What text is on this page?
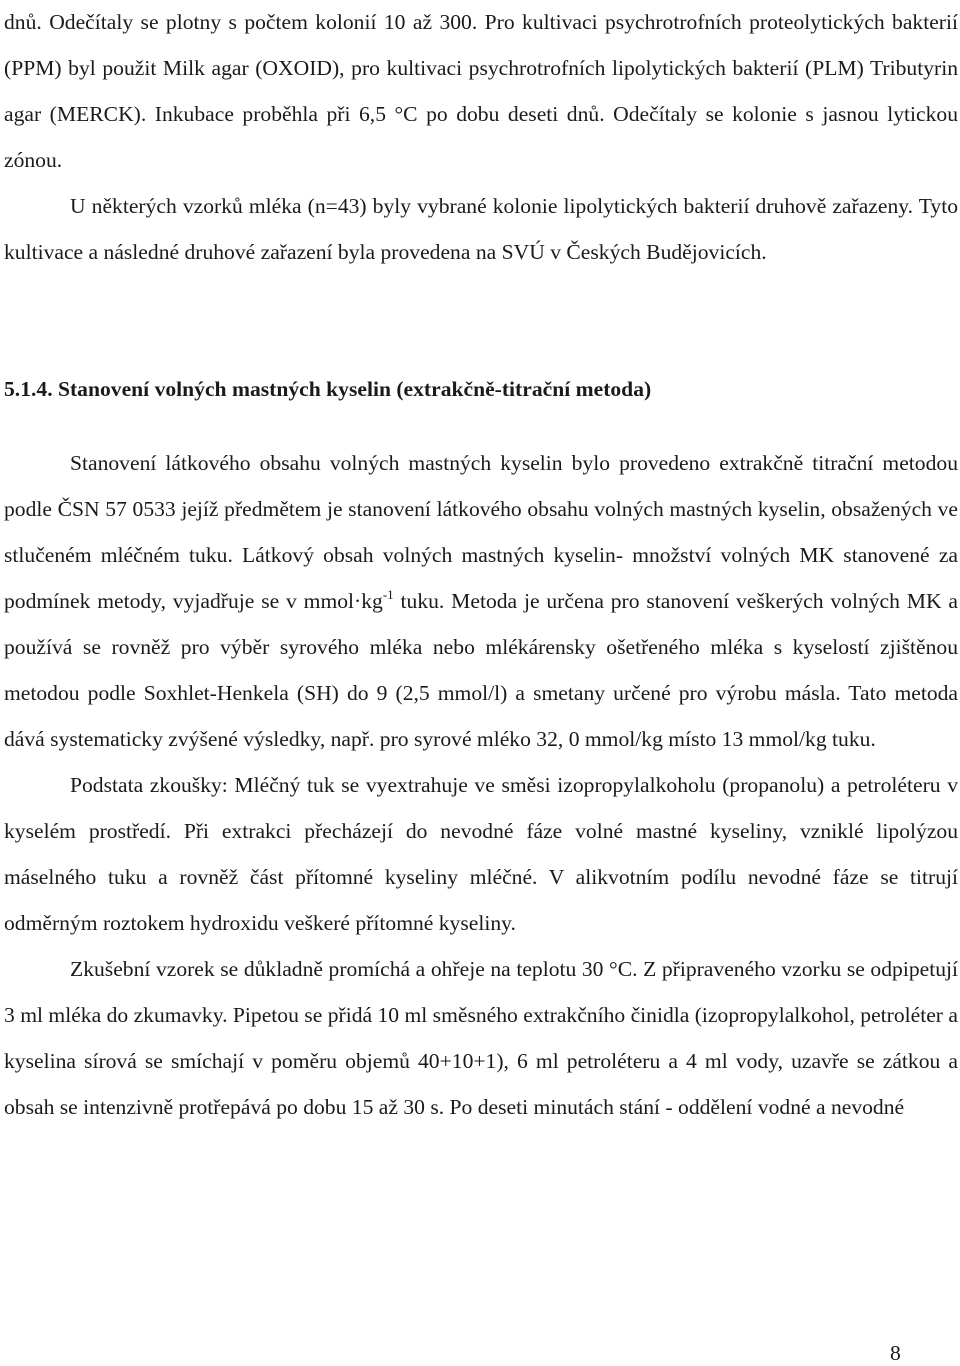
dnů. Odečítaly se plotny s počtem kolonií 10 až 300. Pro kultivaci psychrotrofních proteolytických bakterií (PPM) byl použit Milk agar (OXOID), pro kultivaci psychrotrofních lipolytických bakterií (PLM) Tributyrin agar (MERCK). Inkubace proběhla při 6,5 °C po dobu deseti dnů. Odečítaly se kolonie s jasnou lytickou zónou.

U některých vzorků mléka (n=43) byly vybrané kolonie lipolytických bakterií druhově zařazeny. Tyto kultivace a následné druhové zařazení byla provedena na SVÚ v Českých Budějovicích.

5.1.4. Stanovení volných mastných kyselin (extrakčně-titrační metoda)

Stanovení látkového obsahu volných mastných kyselin bylo provedeno extrakčně titrační metodou podle ČSN 57 0533 jejíž předmětem je stanovení látkového obsahu volných mastných kyselin, obsažených ve stlučeném mléčném tuku. Látkový obsah volných mastných kyselin- množství volných MK stanovené za podmínek metody, vyjadřuje se v $mmol\cdot kg^{-1}$ tuku. Metoda je určena pro stanovení veškerých volných MK a používá se rovněž pro výběr syrového mléka nebo mlékárensky ošetřeného mléka s kyselostí zjištěnou metodou podle Soxhlet-Henkela (SH) do 9 (2,5 mmol/l) a smetany určené pro výrobu másla. Tato metoda dává systematicky zvýšené výsledky, např. pro syrové mléko 32, 0 mmol/kg místo 13 mmol/kg tuku.

Podstata zkoušky: Mléčný tuk se vyextrahuje ve směsi izopropylalkoholu (propanolu) a petroléteru v kyselém prostředí. Při extrakci přecházejí do nevodné fáze volné mastné kyseliny, vzniklé lipolýzou máselného tuku a rovněž část přítomné kyseliny mléčné. V alikvotním podílu nevodné fáze se titrují odměrným roztokem hydroxidu veškeré přítomné kyseliny.

Zkušební vzorek se důkladně promíchá a ohřeje na teplotu 30 °C. Z připraveného vzorku se odpipetují 3 ml mléka do zkumavky. Pipetou se přidá 10 ml směsného extrakčního činidla (izopropylalkohol, petroléter a kyselina sírová se smíchají v poměru objemů 40+10+1), 6 ml petroléteru a 4 ml vody, uzavře se zátkou a obsah se intenzivně protřepává po dobu 15 až 30 s. Po deseti minutách stání - oddělení vodné a nevodné

8
